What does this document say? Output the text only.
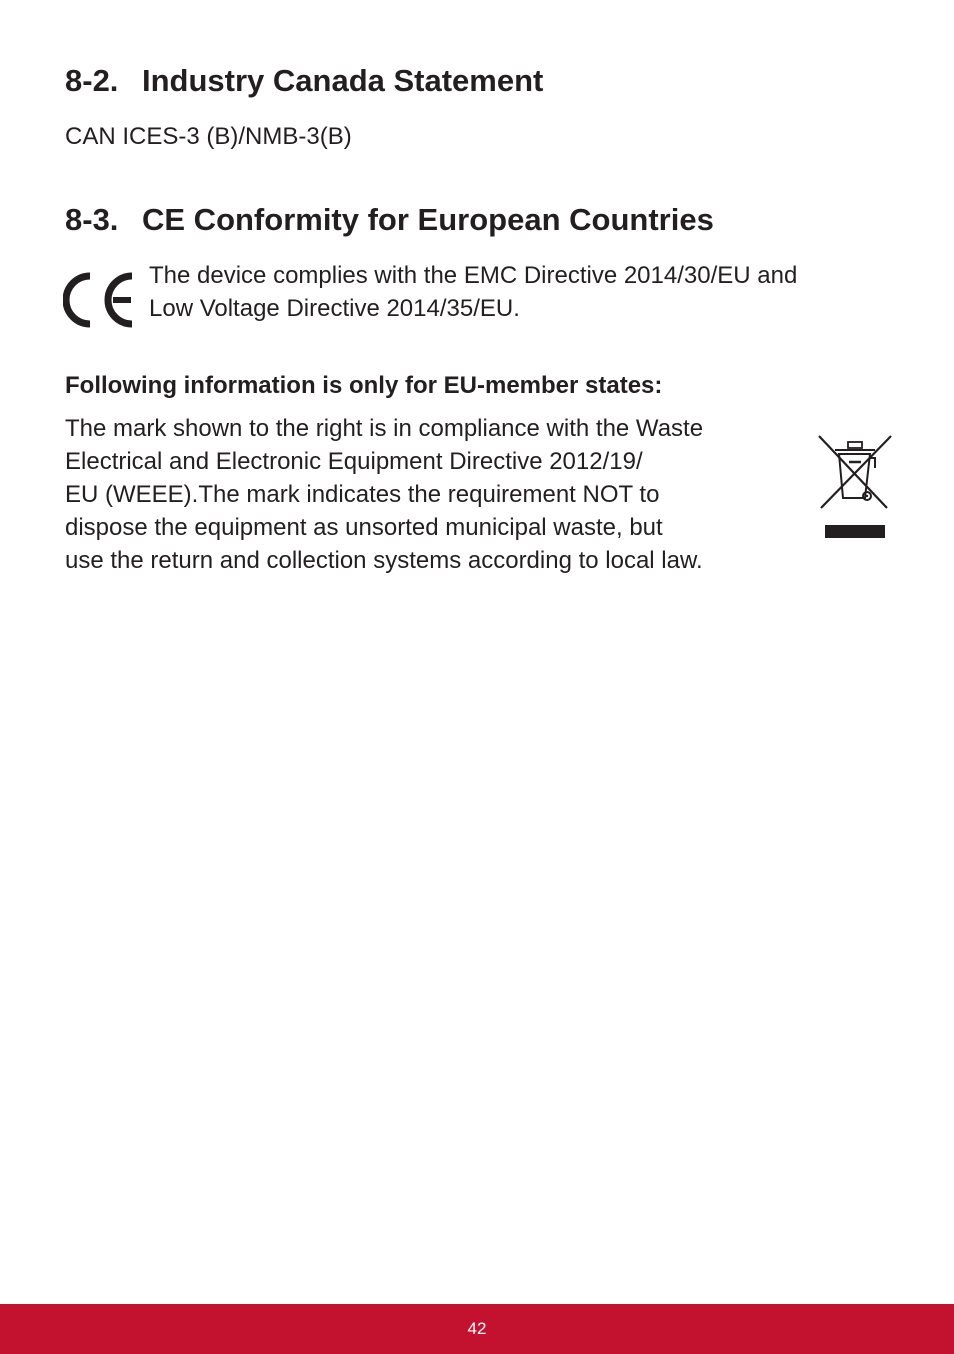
8-2. Industry Canada Statement

CAN ICES-3 (B)/NMB-3(B)

8-3. CE Conformity for European Countries
The device complies with the EMC Directive 2014/30/EU and
Low Voltage Directive 2014/35/EU.

Following information is only for EU-member states:

The mark shown to the right is in compliance with the Waste
Electrical and Electronic Equipment Directive 2012/19/
EU (WEEE).The mark indicates the requirement NOT to
dispose the equipment as unsorted municipal waste, but
use the return and collection systems according to local law.
42
